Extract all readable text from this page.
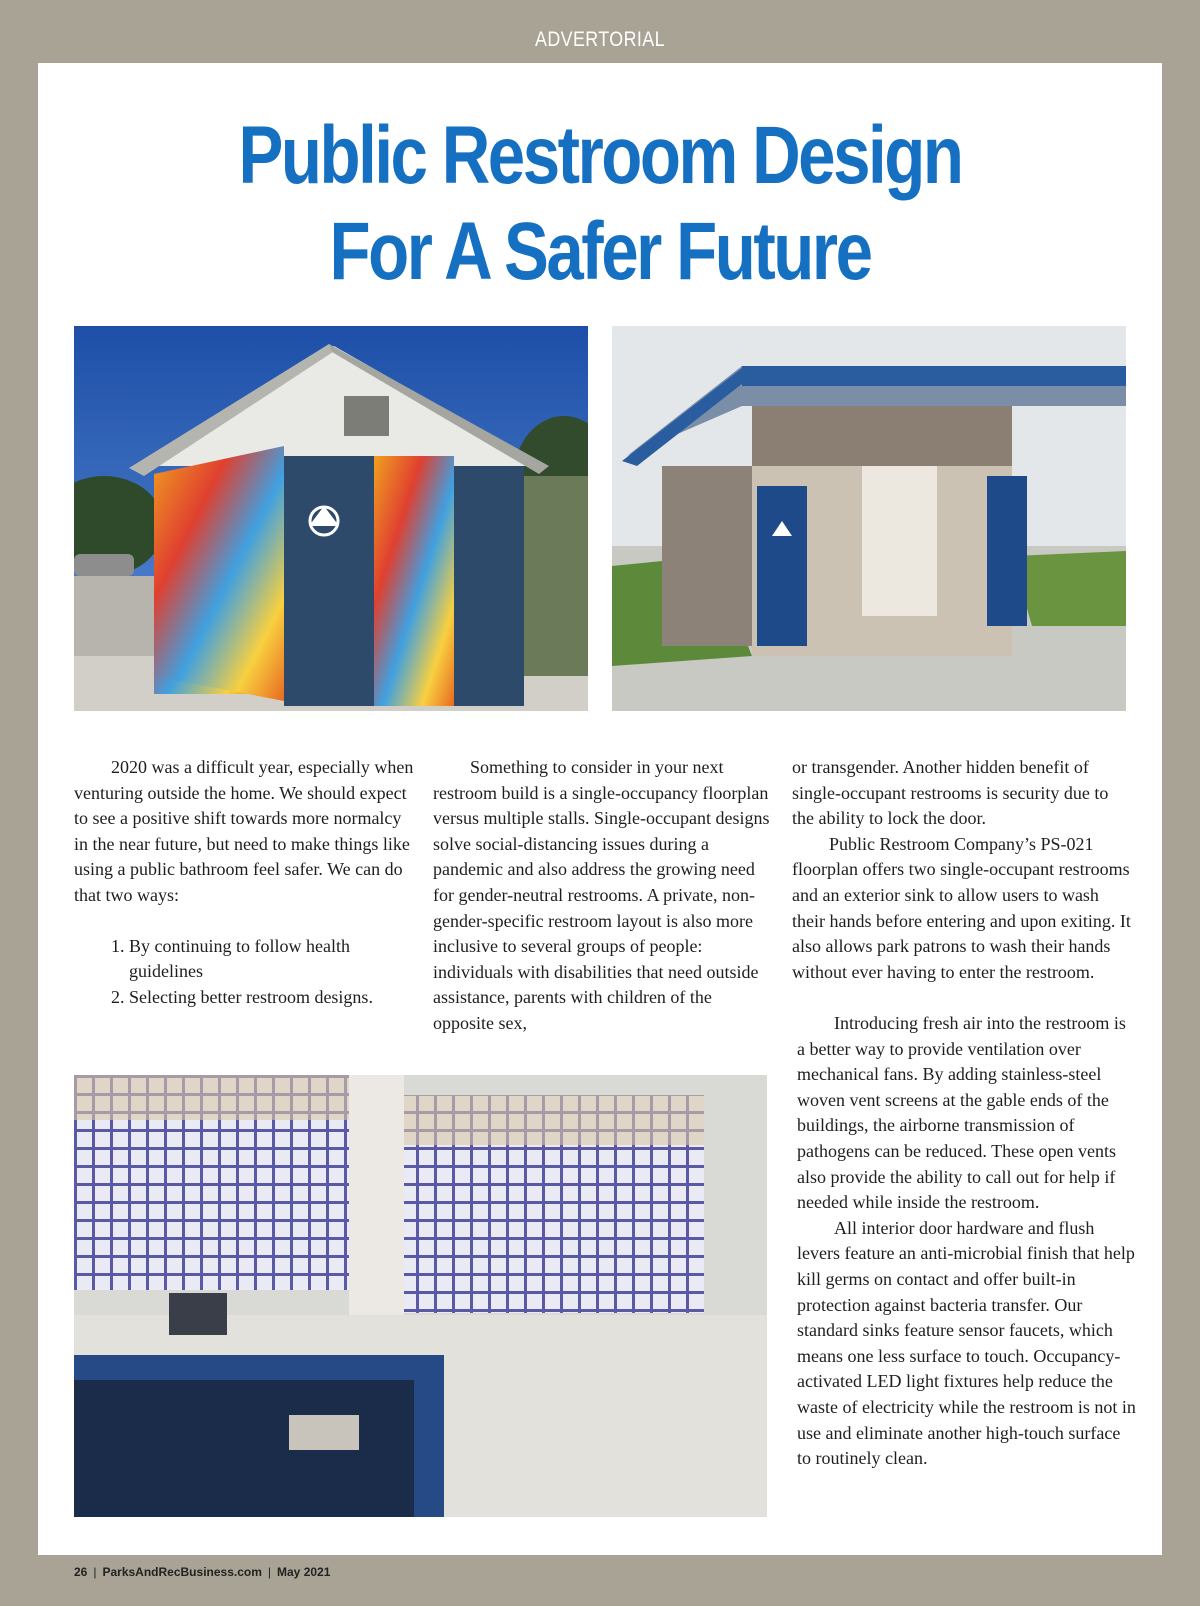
ADVERTORIAL
Public Restroom Design
For A Safer Future

2020 was a difficult year, especially when venturing outside the home. We should expect to see a positive shift towards more normalcy in the near future, but need to make things like using a public bathroom feel safer. We can do that two ways:

1. By continuing to follow health guidelines
2. Selecting better restroom designs.

Something to consider in your next restroom build is a single-occupancy floorplan versus multiple stalls. Single-occupant designs solve social-distancing issues during a pandemic and also address the growing need for gender-neutral restrooms. A private, non-gender-specific restroom layout is also more inclusive to several groups of people: individuals with disabilities that need outside assistance, parents with children of the opposite sex,

or transgender. Another hidden benefit of single-occupant restrooms is security due to the ability to lock the door.

Public Restroom Company’s PS-021 floorplan offers two single-occupant restrooms and an exterior sink to allow users to wash their hands before entering and upon exiting. It also allows park patrons to wash their hands without ever having to enter the restroom.

Introducing fresh air into the restroom is a better way to provide ventilation over mechanical fans. By adding stainless-steel woven vent screens at the gable ends of the buildings, the airborne transmission of pathogens can be reduced. These open vents also provide the ability to call out for help if needed while inside the restroom.

All interior door hardware and flush levers feature an anti-microbial finish that help kill germs on contact and offer built-in protection against bacteria transfer. Our standard sinks feature sensor faucets, which means one less surface to touch. Occupancy-activated LED light fixtures help reduce the waste of electricity while the restroom is not in use and eliminate another high-touch surface to routinely clean.

26 | ParksAndRecBusiness.com | May 2021
